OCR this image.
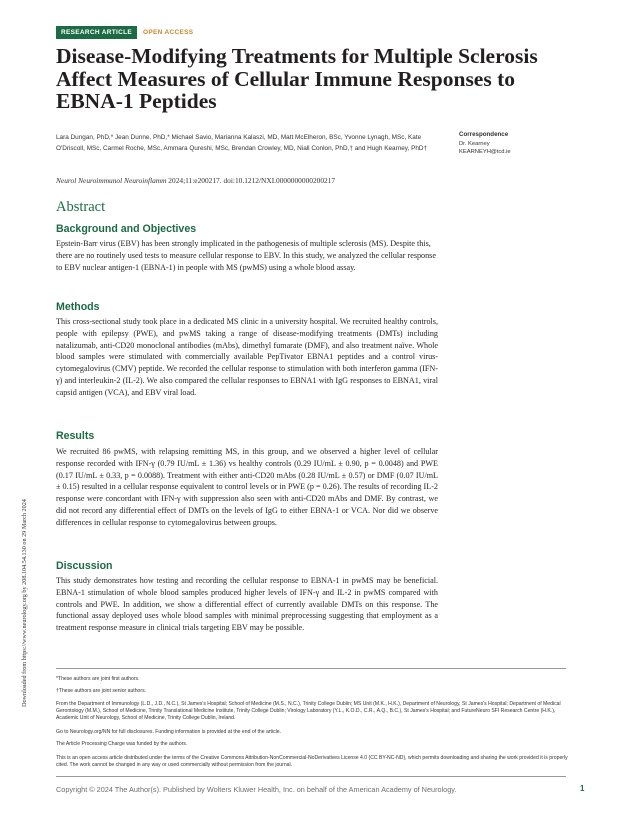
RESEARCH ARTICLE	OPEN ACCESS
Disease-Modifying Treatments for Multiple Sclerosis Affect Measures of Cellular Immune Responses to EBNA-1 Peptides
Lara Dungan, PhD,* Jean Dunne, PhD,* Michael Savio, Marianna Kalaszi, MD, Matt McElheron, BSc, Yvonne Lynagh, MSc, Kate O'Driscoll, MSc, Carmel Roche, MSc, Ammara Qureshi, MSc, Brendan Crowley, MD, Niall Conlon, PhD,† and Hugh Kearney, PhD†
Correspondence
Dr. Kearney
KEARNEYH@tcd.ie
Neurol Neuroimmunol Neuroinflamm 2024;11:e200217. doi:10.1212/NXI.0000000000200217
Abstract
Background and Objectives

Epstein-Barr virus (EBV) has been strongly implicated in the pathogenesis of multiple sclerosis (MS). Despite this, there are no routinely used tests to measure cellular response to EBV. In this study, we analyzed the cellular response to EBV nuclear antigen-1 (EBNA-1) in people with MS (pwMS) using a whole blood assay.

Methods

This cross-sectional study took place in a dedicated MS clinic in a university hospital. We recruited healthy controls, people with epilepsy (PWE), and pwMS taking a range of disease-modifying treatments (DMTs) including natalizumab, anti-CD20 monoclonal antibodies (mAbs), dimethyl fumarate (DMF), and also treatment naïve. Whole blood samples were stimulated with commercially available PepTivator EBNA1 peptides and a control virus-cytomegalovirus (CMV) peptide. We recorded the cellular response to stimulation with both interferon gamma (IFN-γ) and interleukin-2 (IL-2). We also compared the cellular responses to EBNA1 with IgG responses to EBNA1, viral capsid antigen (VCA), and EBV viral load.

Results

We recruited 86 pwMS, with relapsing remitting MS, in this group, and we observed a higher level of cellular response recorded with IFN-γ (0.79 IU/mL ± 1.36) vs healthy controls (0.29 IU/mL ± 0.90, p = 0.0048) and PWE (0.17 IU/mL ± 0.33, p = 0.0088). Treatment with either anti-CD20 mAbs (0.28 IU/mL ± 0.57) or DMF (0.07 IU/mL ± 0.15) resulted in a cellular response equivalent to control levels or in PWE (p = 0.26). The results of recording IL-2 response were concordant with IFN-γ with suppression also seen with anti-CD20 mAbs and DMF. By contrast, we did not record any differential effect of DMTs on the levels of IgG to either EBNA-1 or VCA. Nor did we observe differences in cellular response to cytomegalovirus between groups.

Discussion

This study demonstrates how testing and recording the cellular response to EBNA-1 in pwMS may be beneficial. EBNA-1 stimulation of whole blood samples produced higher levels of IFN-γ and IL-2 in pwMS compared with controls and PWE. In addition, we show a differential effect of currently available DMTs on this response. The functional assay deployed uses whole blood samples with minimal preprocessing suggesting that employment as a treatment response measure in clinical trials targeting EBV may be possible.

*These authors are joint first authors.

†These authors are joint senior authors.

From the Department of Immunology (L.D., J.D., N.C.), St James's Hospital; School of Medicine (M.S., N.C.), Trinity College Dublin; MS Unit (M.K., H.K.), Department of Neurology, St James's Hospital; Department of Medical Gerontology (M.M.), School of Medicine, Trinity Translational Medicine Institute, Trinity College Dublin; Virology Laboratory (Y.L., K.O.D., C.R., A.Q., B.C.), St James's Hospital; and FutureNeuro SFI Research Centre (H.K.), Academic Unit of Neurology, School of Medicine, Trinity College Dublin, Ireland.

Go to Neurology.org/NN for full disclosures. Funding information is provided at the end of the article.

The Article Processing Charge was funded by the authors.

This is an open access article distributed under the terms of the Creative Commons Attribution-NonCommercial-NoDerivatives License 4.0 (CC BY-NC-ND), which permits downloading and sharing the work provided it is properly cited. The work cannot be changed in any way or used commercially without permission from the journal.

Copyright © 2024 The Author(s). Published by Wolters Kluwer Health, Inc. on behalf of the American Academy of Neurology.	1
Downloaded from https://www.neurology.org by 208.104.54.130 on 29 March 2024
